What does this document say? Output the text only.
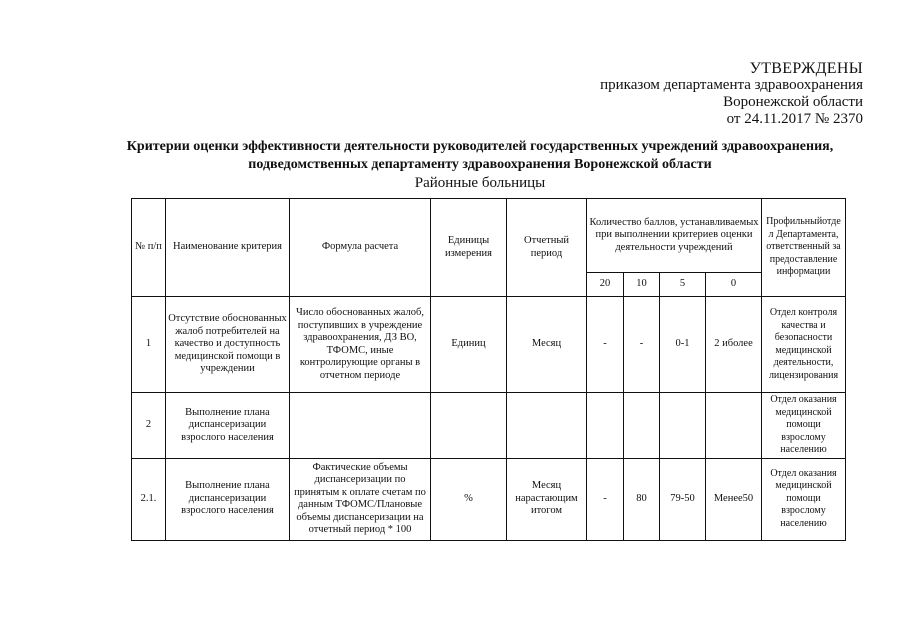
УТВЕРЖДЕНЫ
приказом департамента здравоохранения
Воронежской области
от 24.11.2017 № 2370
Критерии оценки эффективности деятельности руководителей государственных учреждений здравоохранения,
подведомственных департаменту здравоохранения Воронежской области
Районные больницы
№ п/п	Наименование критерия	Формула расчета	Единицы измерения	Отчетный период	Количество баллов, устанавливаемых при выполнении критериев оценки деятельности учреждений				Профильныйотдел Департамента, ответственный за предоставление информации
					20	10	5	0	
1	Отсутствие обоснованных жалоб потребителей на качество и доступность медицинской помощи в учреждении	Число обоснованных жалоб, поступивших в учреждение здравоохранения, ДЗ ВО, ТФОМС, иные контролирующие органы в отчетном периоде	Единиц	Месяц	-	-	0-1	2 иболее	Отдел контроля качества и безопасности медицинской деятельности, лицензирования
2	Выполнение плана диспансеризации взрослого населения								Отдел оказания медицинской помощи взрослому населению
2.1.	Выполнение плана диспансеризации взрослого населения	Фактические объемы диспансеризации по принятым к оплате счетам по данным ТФОМС/Плановые объемы диспансеризации на отчетный период * 100	%	Месяц нарастающим итогом	-	80	79-50	Менее50	Отдел оказания медицинской помощи взрослому населению
